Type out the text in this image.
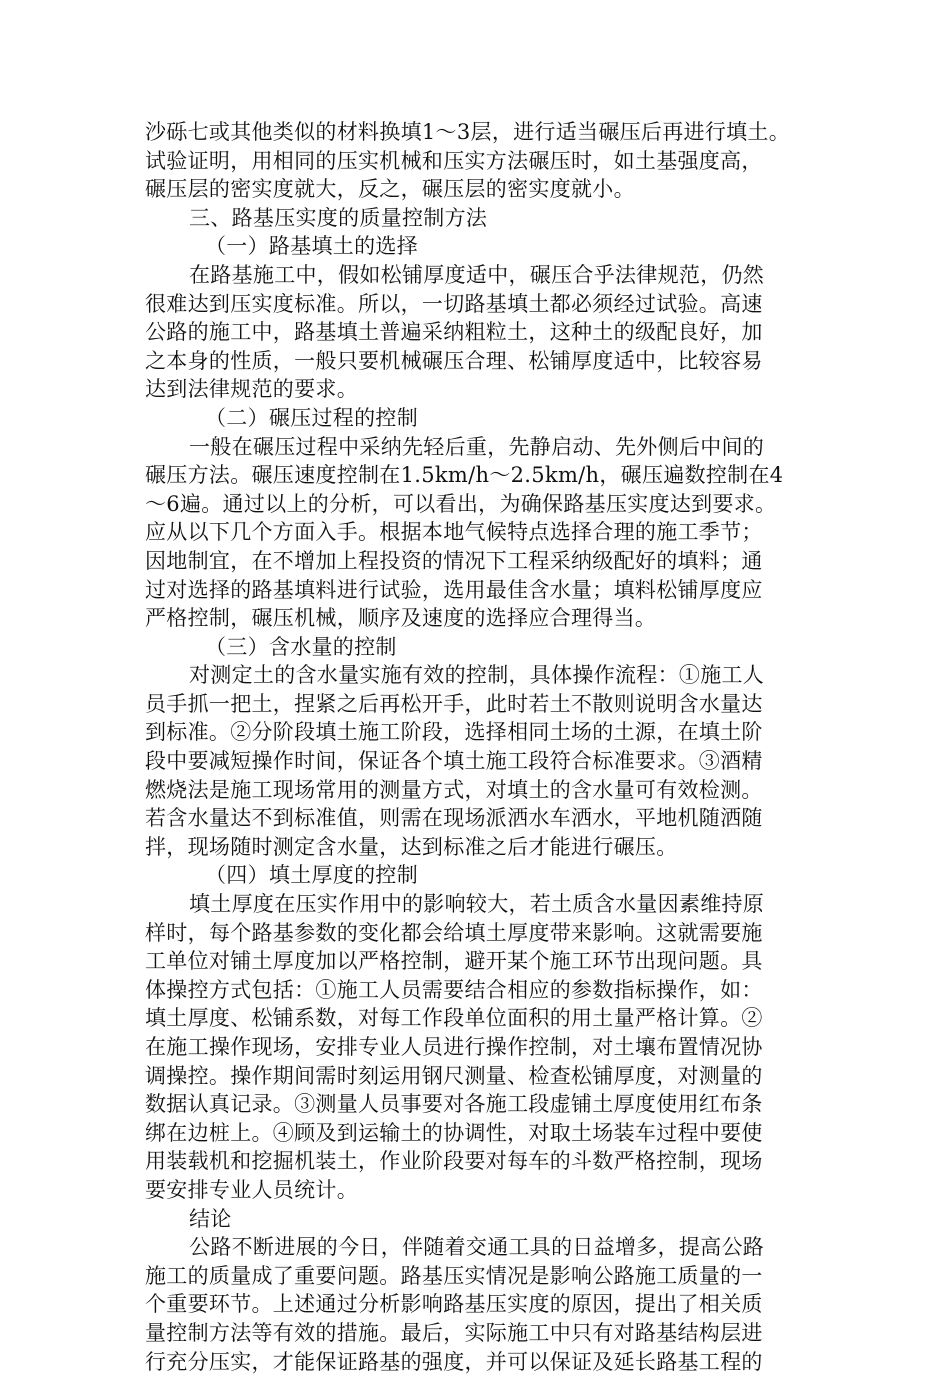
沙砾七或其他类似的材料换填1～3层，进行适当碾压后再进行填土。
试验证明，用相同的压实机械和压实方法碾压时，如土基强度高，
碾压层的密实度就大，反之，碾压层的密实度就小。
三、路基压实度的质量控制方法
（一）路基填土的选择
在路基施工中，假如松铺厚度适中，碾压合乎法律规范，仍然
很难达到压实度标准。所以，一切路基填土都必须经过试验。高速
公路的施工中，路基填土普遍采纳粗粒土，这种土的级配良好，加
之本身的性质，一般只要机械碾压合理、松铺厚度适中，比较容易
达到法律规范的要求。
（二）碾压过程的控制
一般在碾压过程中采纳先轻后重，先静启动、先外侧后中间的
碾压方法。碾压速度控制在1.5km/h～2.5km/h，碾压遍数控制在4
～6遍。通过以上的分析，可以看出，为确保路基压实度达到要求。
应从以下几个方面入手。根据本地气候特点选择合理的施工季节；
因地制宜，在不增加上程投资的情况下工程采纳级配好的填料；通
过对选择的路基填料进行试验，选用最佳含水量；填料松铺厚度应
严格控制，碾压机械，顺序及速度的选择应合理得当。
（三）含水量的控制
对测定土的含水量实施有效的控制，具体操作流程：①施工人
员手抓一把土，捏紧之后再松开手，此时若土不散则说明含水量达
到标准。②分阶段填土施工阶段，选择相同土场的土源，在填土阶
段中要减短操作时间，保证各个填土施工段符合标准要求。③酒精
燃烧法是施工现场常用的测量方式，对填土的含水量可有效检测。
若含水量达不到标准值，则需在现场派洒水车洒水，平地机随洒随
拌，现场随时测定含水量，达到标准之后才能进行碾压。
（四）填土厚度的控制
填土厚度在压实作用中的影响较大，若土质含水量因素维持原
样时，每个路基参数的变化都会给填土厚度带来影响。这就需要施
工单位对铺土厚度加以严格控制，避开某个施工环节出现问题。具
体操控方式包括：①施工人员需要结合相应的参数指标操作，如：
填土厚度、松铺系数，对每工作段单位面积的用土量严格计算。②
在施工操作现场，安排专业人员进行操作控制，对土壤布置情况协
调操控。操作期间需时刻运用钢尺测量、检查松铺厚度，对测量的
数据认真记录。③测量人员事要对各施工段虚铺土厚度使用红布条
绑在边桩上。④顾及到运输土的协调性，对取土场装车过程中要使
用装载机和挖掘机装土，作业阶段要对每车的斗数严格控制，现场
要安排专业人员统计。
结论
公路不断进展的今日，伴随着交通工具的日益增多，提高公路
施工的质量成了重要问题。路基压实情况是影响公路施工质量的一
个重要环节。上述通过分析影响路基压实度的原因，提出了相关质
量控制方法等有效的措施。最后，实际施工中只有对路基结构层进
行充分压实，才能保证路基的强度，并可以保证及延长路基工程的
